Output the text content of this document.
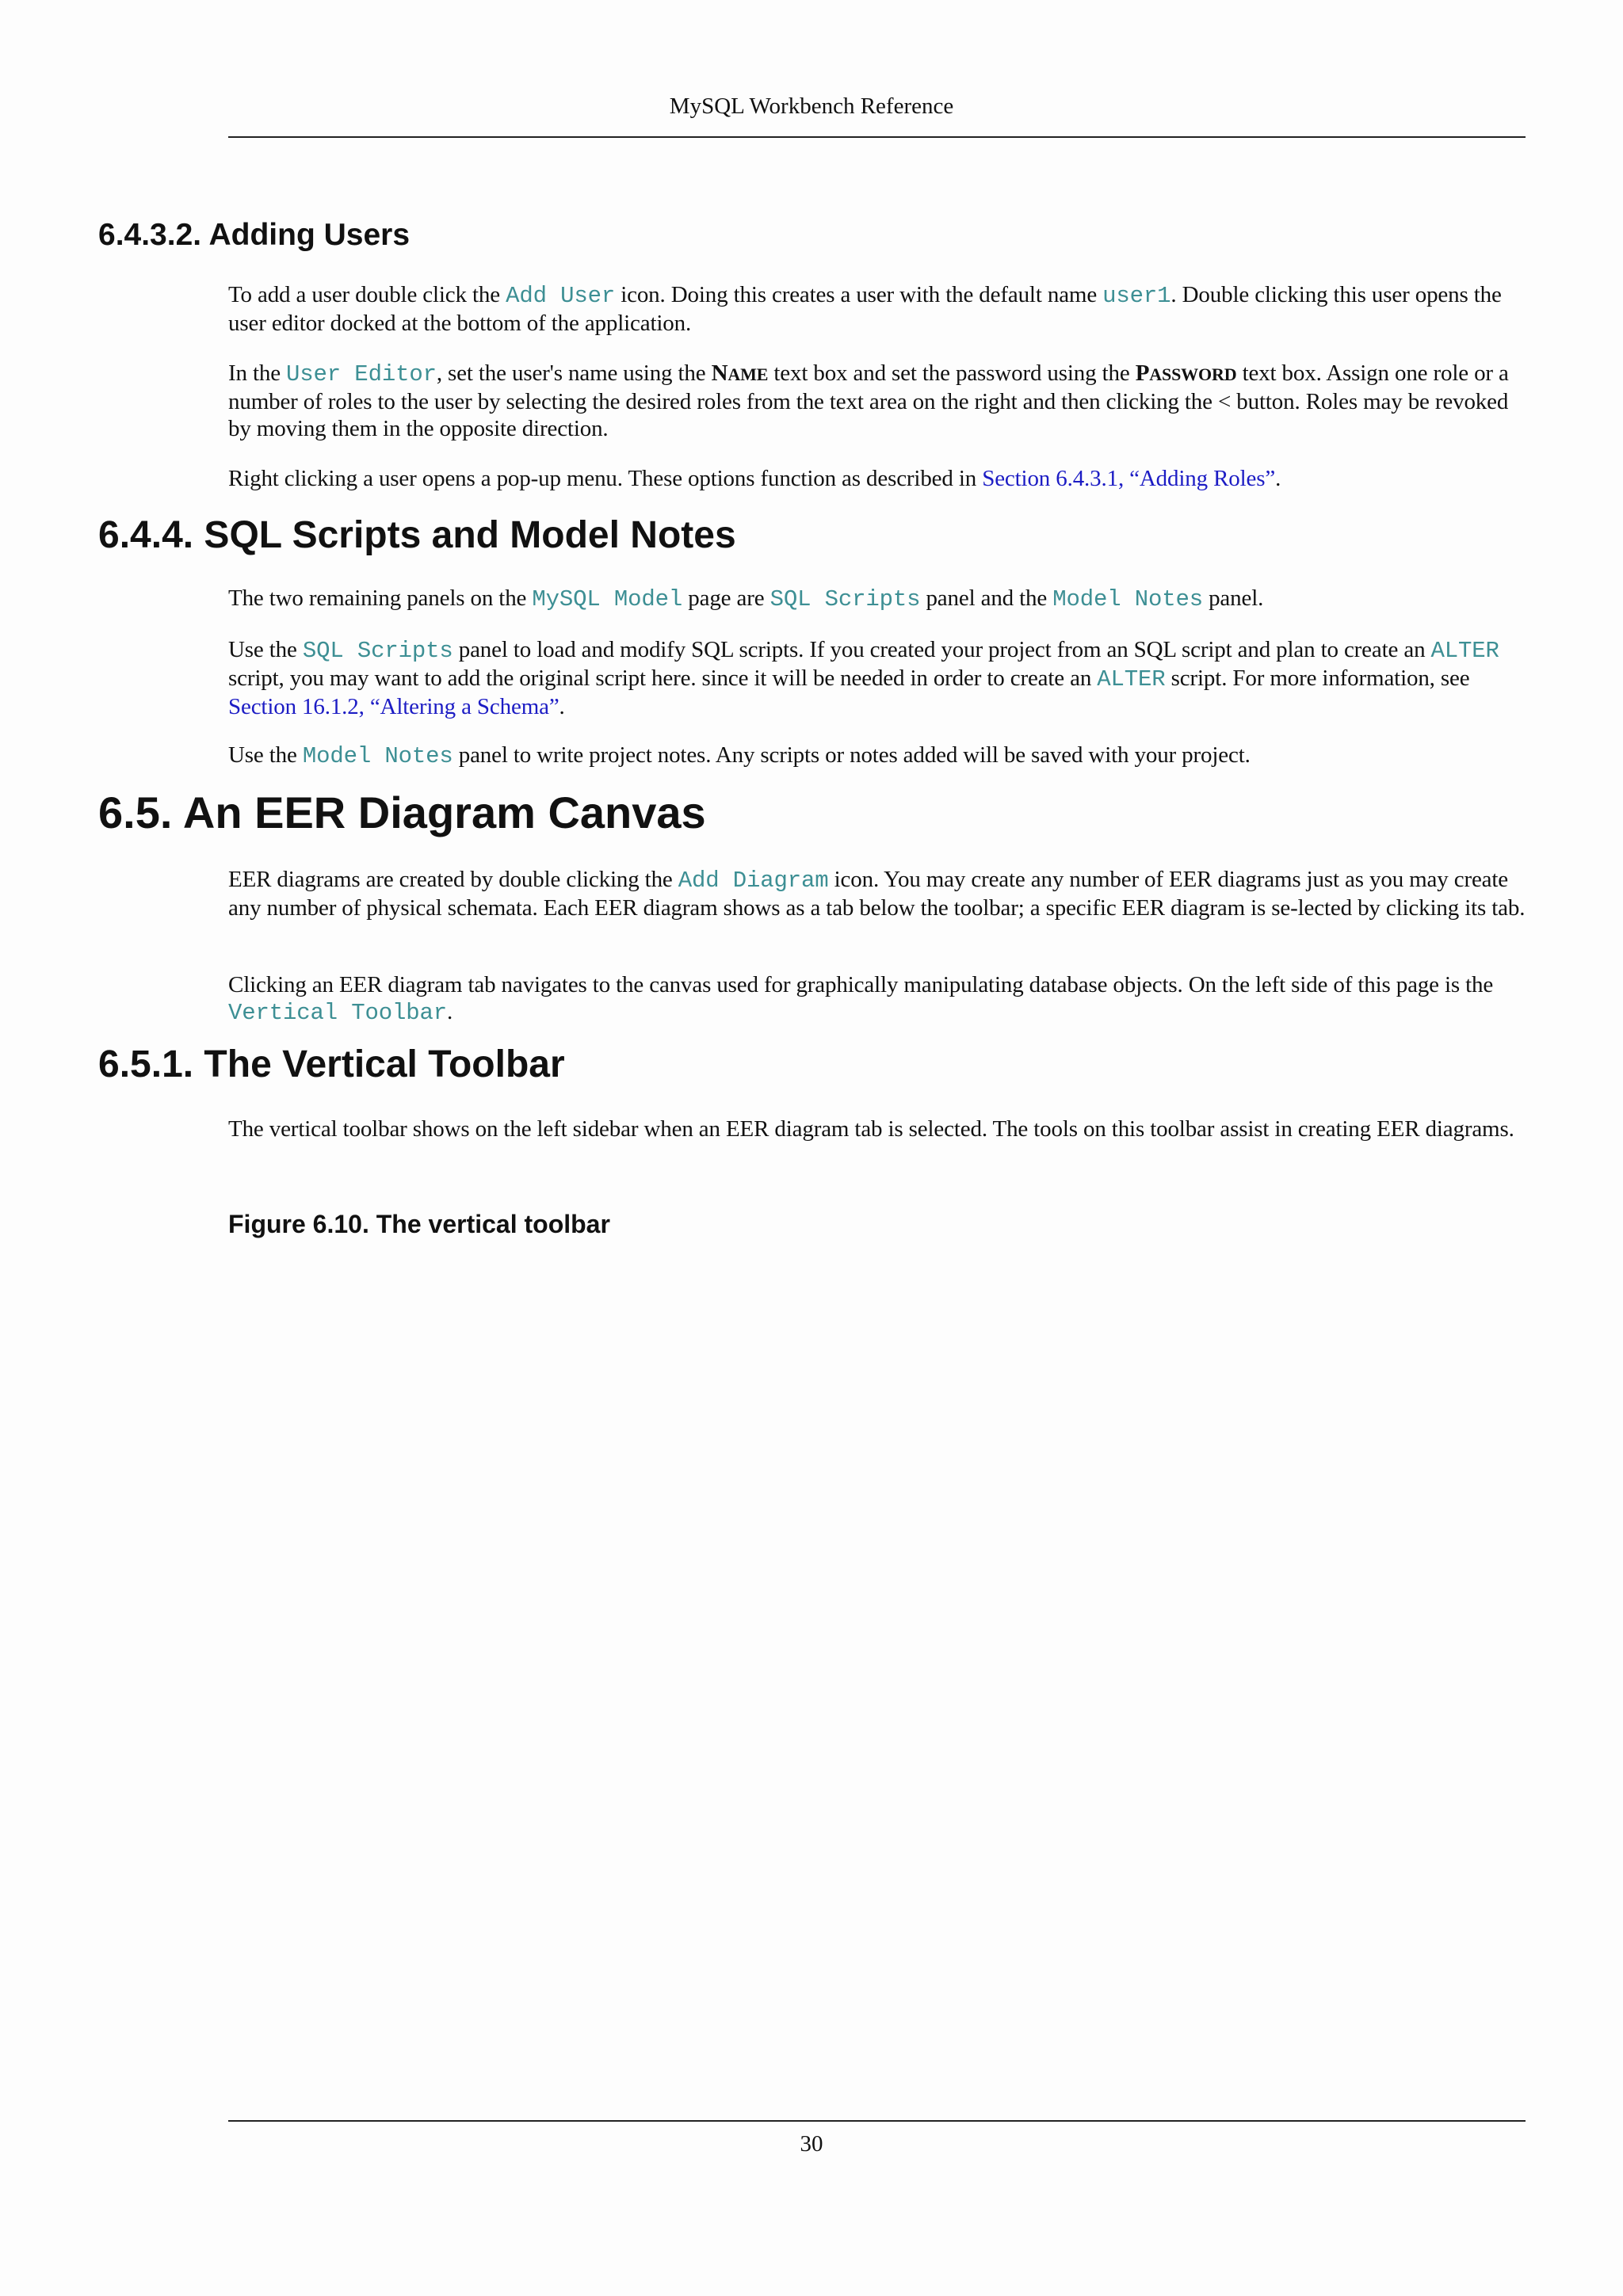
MySQL Workbench Reference
6.4.3.2. Adding Users

To add a user double click the Add User icon. Doing this creates a user with the default name user1. Double clicking this user opens the user editor docked at the bottom of the application.

In the User Editor, set the user's name using the NAME text box and set the password using the PASSWORD text box. Assign one role or a number of roles to the user by selecting the desired roles from the text area on the right and then clicking the < button. Roles may be revoked by moving them in the opposite direction.

Right clicking a user opens a pop-up menu. These options function as described in Section 6.4.3.1, “Adding Roles”.

6.4.4. SQL Scripts and Model Notes

The two remaining panels on the MySQL Model page are SQL Scripts panel and the Model Notes panel.

Use the SQL Scripts panel to load and modify SQL scripts. If you created your project from an SQL script and plan to create an ALTER script, you may want to add the original script here. since it will be needed in order to create an ALTER script. For more information, see Section 16.1.2, “Altering a Schema”.

Use the Model Notes panel to write project notes. Any scripts or notes added will be saved with your project.

6.5. An EER Diagram Canvas

EER diagrams are created by double clicking the Add Diagram icon. You may create any number of EER diagrams just as you may create any number of physical schemata. Each EER diagram shows as a tab below the toolbar; a specific EER diagram is se-lected by clicking its tab.

Clicking an EER diagram tab navigates to the canvas used for graphically manipulating database objects. On the left side of this page is the Vertical Toolbar.

6.5.1. The Vertical Toolbar

The vertical toolbar shows on the left sidebar when an EER diagram tab is selected. The tools on this toolbar assist in creating EER diagrams.

Figure 6.10. The vertical toolbar
30
